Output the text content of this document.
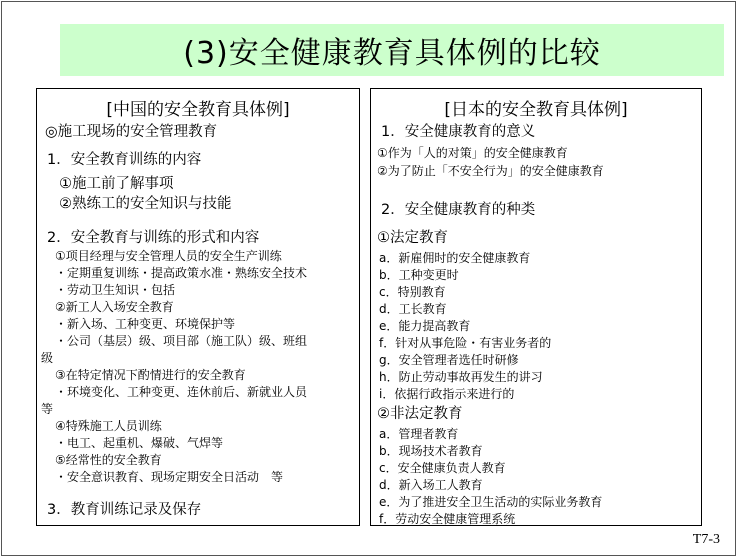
(3)安全健康教育具体例的比较
[中国的安全教育具体例]
◎施工现场的安全管理教育
1．安全教育训练的内容
①施工前了解事项
②熟练工的安全知识与技能
2．安全教育与训练的形式和内容
①项目经理与安全管理人员的安全生产训练
・定期重复训练・提高政策水准・熟练安全技术
・劳动卫生知识・包括
②新工人入场安全教育
・新入场、工种变更、环境保护等
・公司（基层）级、项目部（施工队）级、班组
级
③在特定情况下酌情进行的安全教育
・环境变化、工种变更、连休前后、新就业人员
等
④特殊施工人员训练
・电工、起重机、爆破、气焊等
⑤经常性的安全教育
・安全意识教育、现场定期安全日活动　等
3．教育训练记录及保存
[日本的安全教育具体例]
1．安全健康教育的意义
①作为「人的对策」的安全健康教育
②为了防止「不安全行为」的安全健康教育
2．安全健康教育的种类
①法定教育
a．新雇佣时的安全健康教育
b．工种变更时
c．特别教育
d．工长教育
e．能力提高教育
f．针对从事危险・有害业务者的
g．安全管理者选任时研修
h．防止劳动事故再发生的讲习
i．依据行政指示来进行的
②非法定教育
a．管理者教育
b．现场技术者教育
c．安全健康负责人教育
d．新入场工人教育
e．为了推进安全卫生活动的实际业务教育
f．劳动安全健康管理系统
T7-3
